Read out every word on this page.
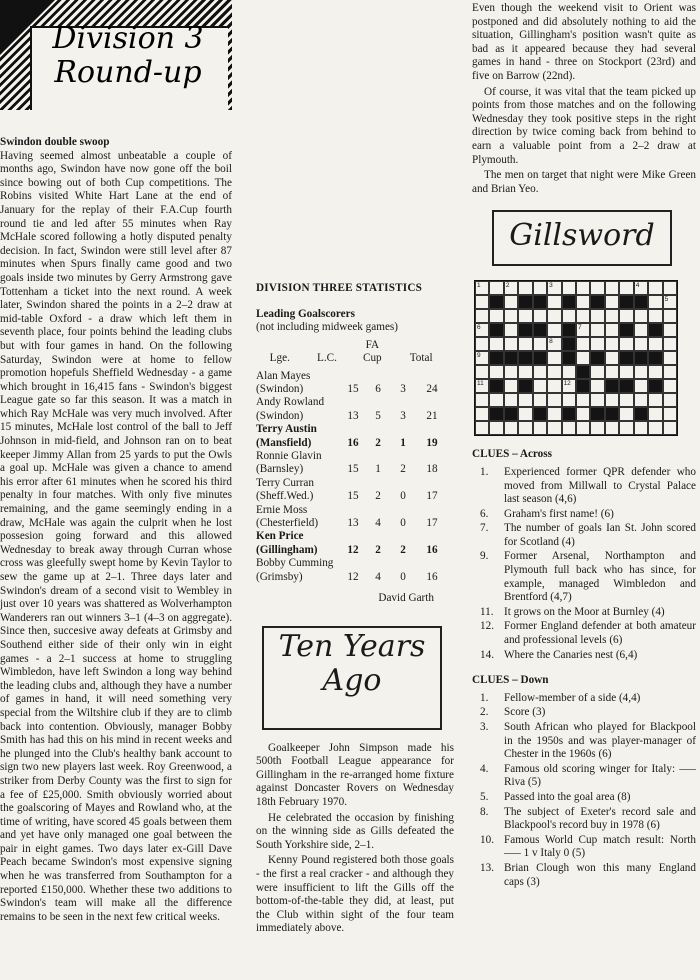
Division 3
Round-up
Swindon double swoop

Having seemed almost unbeatable a couple of months ago, Swindon have now gone off the boil since bowing out of both Cup competitions. The Robins visited White Hart Lane at the end of January for the replay of their F.A.Cup fourth round tie and led after 55 minutes when Ray McHale scored following a hotly disputed penalty decision. In fact, Swindon were still level after 87 minutes when Spurs finally came good and two goals inside two minutes by Gerry Armstrong gave Tottenham a ticket into the next round. A week later, Swindon shared the points in a 2–2 draw at mid-table Oxford - a draw which left them in seventh place, four points behind the leading clubs but with four games in hand. On the following Saturday, Swindon were at home to fellow promotion hopefuls Sheffield Wednesday - a game which brought in 16,415 fans - Swindon's biggest League gate so far this season. It was a match in which Ray McHale was very much involved. After 15 minutes, McHale lost control of the ball to Jeff Johnson in mid-field, and Johnson ran on to beat keeper Jimmy Allan from 25 yards to put the Owls a goal up. McHale was given a chance to amend his error after 61 minutes when he scored his third penalty in four matches. With only five minutes remaining, and the game seemingly ending in a draw, McHale was again the culprit when he lost possesion going forward and this allowed Wednesday to break away through Curran whose cross was gleefully swept home by Kevin Taylor to sew the game up at 2–1. Three days later and Swindon's dream of a second visit to Wembley in just over 10 years was shattered as Wolverhampton Wanderers ran out winners 3–1 (4–3 on aggregate). Since then, succesive away defeats at Grimsby and Southend either side of their only win in eight games - a 2–1 success at home to struggling Wimbledon, have left Swindon a long way behind the leading clubs and, although they have a number of games in hand, it will need something very special from the Wiltshire club if they are to climb back into contention. Obviously, manager Bobby Smith has had this on his mind in recent weeks and he plunged into the Club's healthy bank account to sign two new players last week. Roy Greenwood, a striker from Derby County was the first to sign for a fee of £25,000. Smith obviously worried about the goalscoring of Mayes and Rowland who, at the time of writing, have scored 45 goals between them and yet have only managed one goal between the pair in eight games. Two days later ex-Gill Dave Peach became Swindon's most expensive signing when he was transferred from Southampton for a reported £150,000. Whether these two additions to Swindon's team will make all the difference remains to be seen in the next few critical weeks.

DIVISION THREE STATISTICS
Leading Goalscorers
(not including midweek games)
			FA	
	Lge.	L.C.	Cup	Total
Alan Mayes				
(Swindon)	15	6	3	24
Andy Rowland				
(Swindon)	13	5	3	21
Terry Austin				
(Mansfield)	16	2	1	19
Ronnie Glavin				
(Barnsley)	15	1	2	18
Terry Curran				
(Sheff.Wed.)	15	2	0	17
Ernie Moss				
(Chesterfield)	13	4	0	17
Ken Price				
(Gillingham)	12	2	2	16
Bobby Cumming				
(Grimsby)	12	4	0	16
David Garth
Ten Years
Ago

Goalkeeper John Simpson made his 500th Football League appearance for Gillingham in the re-arranged home fixture against Doncaster Rovers on Wednesday 18th February 1970.

He celebrated the occasion by finishing on the winning side as Gills defeated the South Yorkshire side, 2–1.

Kenny Pound registered both those goals - the first a real cracker - and although they were insufficient to lift the Gills off the bottom-of-the-table they did, at least, put the Club within sight of the four team immediately above.

Even though the weekend visit to Orient was postponed and did absolutely nothing to aid the situation, Gillingham's position wasn't quite as bad as it appeared because they had several games in hand - three on Stockport (23rd) and five on Barrow (22nd).

Of course, it was vital that the team picked up points from those matches and on the following Wednesday they took positive steps in the right direction by twice coming back from behind to earn a valuable point from a 2–2 draw at Plymouth.

The men on target that night were Mike Green and Brian Yeo.

Gillsword
1	2	3	4
5
6	7
8
9
11	12
CLUES – Across
1.	Experienced former QPR defender who moved from Millwall to Crystal Palace last season (4,6)
6.	Graham's first name! (6)
7.	The number of goals Ian St. John scored for Scotland (4)
9.	Former Arsenal, Northampton and Plymouth full back who has since, for example, managed Wimbledon and Brentford (4,7)
11. It grows on the Moor at Burnley (4)
12. Former England defender at both amateur and professional levels (6)
14. Where the Canaries nest (6,4)
CLUES – Down
1.	Fellow-member of a side (4,4)
2.	Score (3)
3.	South African who played for Blackpool in the 1950s and was player-manager of Chester in the 1960s (6)
4.	Famous old scoring winger for Italy: ––– Riva (5)
5.	Passed into the goal area (8)
8.	The subject of Exeter's record sale and Blackpool's record buy in 1978 (6)
10. Famous World Cup match result: North ––– 1 v Italy 0 (5)
13. Brian Clough won this many England caps (3)
